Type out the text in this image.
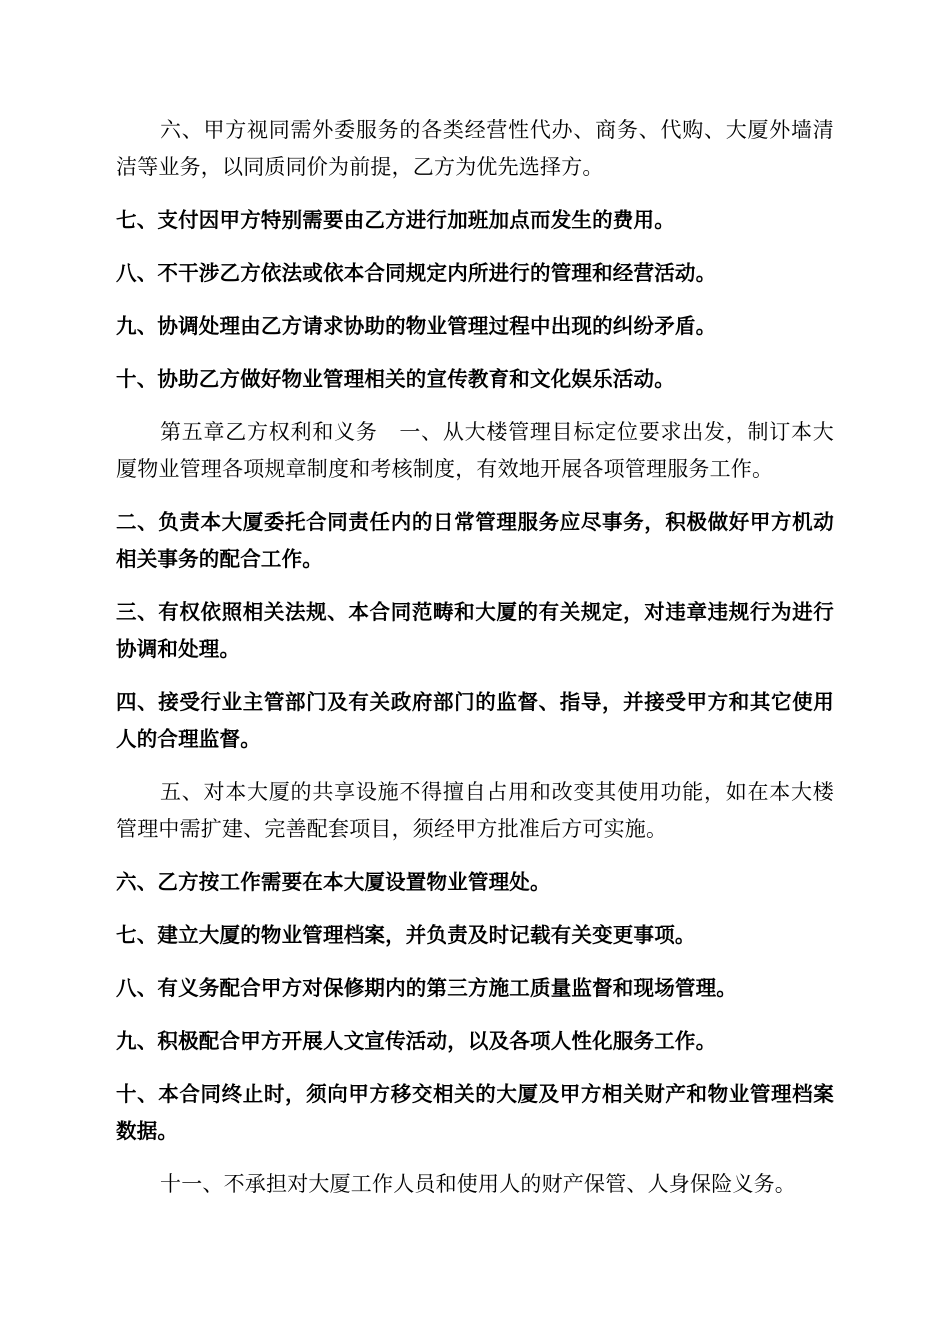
六、甲方视同需外委服务的各类经营性代办、商务、代购、大厦外墙清洁等业务，以同质同价为前提，乙方为优先选择方。

七、支付因甲方特别需要由乙方进行加班加点而发生的费用。

八、不干涉乙方依法或依本合同规定内所进行的管理和经营活动。

九、协调处理由乙方请求协助的物业管理过程中出现的纠纷矛盾。

十、协助乙方做好物业管理相关的宣传教育和文化娱乐活动。

第五章乙方权利和义务　一、从大楼管理目标定位要求出发，制订本大厦物业管理各项规章制度和考核制度，有效地开展各项管理服务工作。

二、负责本大厦委托合同责任内的日常管理服务应尽事务，积极做好甲方机动相关事务的配合工作。

三、有权依照相关法规、本合同范畴和大厦的有关规定，对违章违规行为进行协调和处理。

四、接受行业主管部门及有关政府部门的监督、指导，并接受甲方和其它使用人的合理监督。

五、对本大厦的共享设施不得擅自占用和改变其使用功能，如在本大楼管理中需扩建、完善配套项目，须经甲方批准后方可实施。

六、乙方按工作需要在本大厦设置物业管理处。

七、建立大厦的物业管理档案，并负责及时记载有关变更事项。

八、有义务配合甲方对保修期内的第三方施工质量监督和现场管理。

九、积极配合甲方开展人文宣传活动，以及各项人性化服务工作。

十、本合同终止时，须向甲方移交相关的大厦及甲方相关财产和物业管理档案数据。

十一、不承担对大厦工作人员和使用人的财产保管、人身保险义务。
